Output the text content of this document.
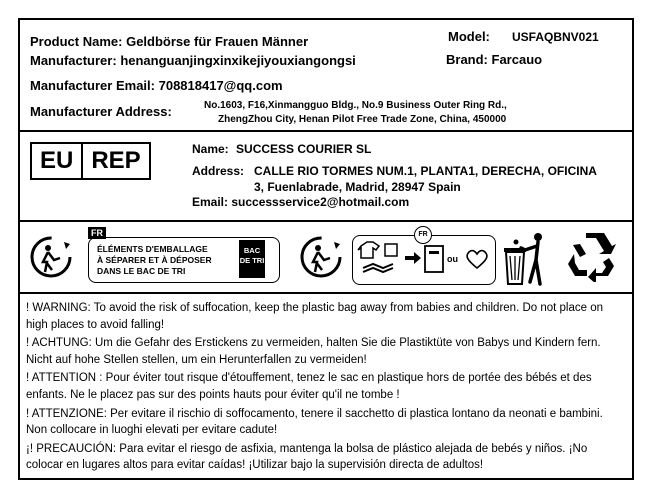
Product Name: Geldbörse für Frauen Männer
Manufacturer: henanguanjingxinxikejiyouxiangongsi
Manufacturer Email: 708818417@qq.com
Manufacturer Address:	No.1603, F16,Xinmangguo Bldg., No.9 Business Outer Ring Rd.,
ZhengZhou City, Henan Pilot Free Trade Zone, China, 450000
Model: USFAQBNV021
Brand: Farcauo
EU REP	Name: SUCCESS COURIER SL
Address: CALLE RIO TORMES NUM.1, PLANTA1, DERECHA, OFICINA
3, Fuenlabrade, Madrid, 28947 Spain
Email: successservice2@hotmail.com
FR
ÉLÉMENTS D'EMBALLAGE
À SÉPARER ET À DÉPOSER
DANS LE BAC DE TRI
BAC DE TRI
FR
ou

! WARNING: To avoid the risk of suffocation, keep the plastic bag away from babies and children. Do not place on high places to avoid falling!

! ACHTUNG: Um die Gefahr des Erstickens zu vermeiden, halten Sie die Plastiktüte von Babys und Kindern fern. Nicht auf hohe Stellen stellen, um ein Herunterfallen zu vermeiden!

! ATTENTION : Pour éviter tout risque d'étouffement, tenez le sac en plastique hors de portée des bébés et des enfants. Ne le placez pas sur des points hauts pour éviter qu'il ne tombe !

! ATTENZIONE: Per evitare il rischio di soffocamento, tenere il sacchetto di plastica lontano da neonati e bambini. Non collocare in luoghi elevati per evitare cadute!

¡! PRECAUCIÓN: Para evitar el riesgo de asfixia, mantenga la bolsa de plástico alejada de bebés y niños. ¡No colocar en lugares altos para evitar caídas! ¡Utilizar bajo la supervisión directa de adultos!
